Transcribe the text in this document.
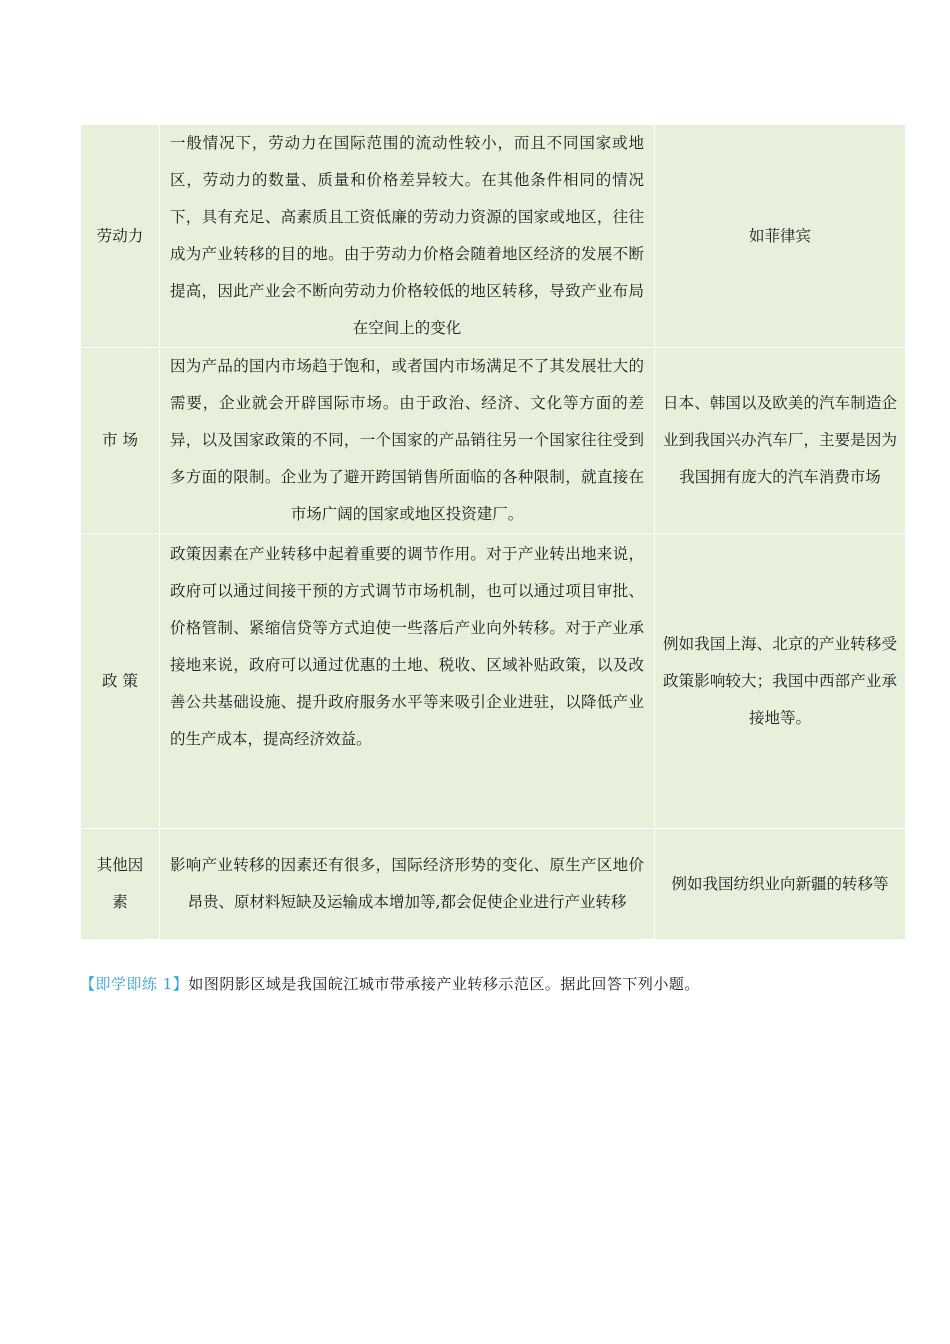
劳动力	一般情况下，劳动力在国际范围的流动性较小，而且不同国家或地区，劳动力的数量、质量和价格差异较大。在其他条件相同的情况下，具有充足、高素质且工资低廉的劳动力资源的国家或地区，往往成为产业转移的目的地。由于劳动力价格会随着地区经济的发展不断提高，因此产业会不断向劳动力价格较低的地区转移，导致产业布局在空间上的变化	如菲律宾
市 场	因为产品的国内市场趋于饱和，或者国内市场满足不了其发展壮大的需要，企业就会开辟国际市场。由于政治、经济、文化等方面的差异，以及国家政策的不同，一个国家的产品销往另一个国家往往受到多方面的限制。企业为了避开跨国销售所面临的各种限制，就直接在市场广阔的国家或地区投资建厂。	日本、韩国以及欧美的汽车制造企业到我国兴办汽车厂，主要是因为我国拥有庞大的汽车消费市场
政 策	政策因素在产业转移中起着重要的调节作用。对于产业转出地来说，政府可以通过间接干预的方式调节市场机制，也可以通过项目审批、价格管制、紧缩信贷等方式迫使一些落后产业向外转移。对于产业承接地来说，政府可以通过优惠的土地、税收、区域补贴政策，以及改善公共基础设施、提升政府服务水平等来吸引企业进驻，以降低产业的生产成本，提高经济效益。	例如我国上海、北京的产业转移受政策影响较大；我国中西部产业承接地等。

其他因素	影响产业转移的因素还有很多，国际经济形势的变化、原生产区地价昂贵、原材料短缺及运输成本增加等,都会促使企业进行产业转移	例如我国纺织业向新疆的转移等
【即学即练 1】如图阴影区域是我国皖江城市带承接产业转移示范区。据此回答下列小题。
